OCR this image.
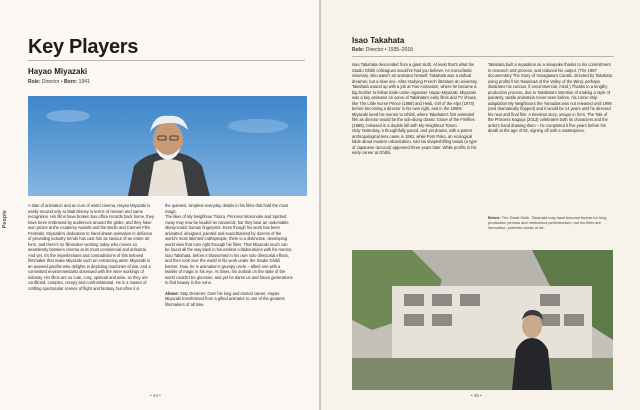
People
Key Players
Hayao Miyazaki
Role: Director • Born: 1941

A titan of animation and an icon of world cinema, Hayao Miyazaki is easily second only to Walt Disney in terms of renown and name recognition. His films have broken box office records back home, they have been embraced by audiences around the globe, and they have won prizes at the Academy Awards and the Berlin and Cannes Film Festivals. Miyazaki’s dedication to hand-drawn animation in defiance of prevailing industry trends has cast him as saviour of an entire art form, and there’s no filmmaker working today who moves so seamlessly between cinema at its most commercial and artisanal.

And yet, it’s the imperfections and contradictions of this beloved filmmaker that make Miyazaki such an entrancing artist. Miyazaki is an avowed pacifist who delights in depicting machines of war, and a committed environmentalist obsessed with the inner workings of industry. His films are so cute, cosy, spiritual and wise, so they are conflicted, complex, creepy and confrontational. He is a master of crafting spectacular scenes of flight and fantasy, but often it is

the quietest, simplest everyday details in his films that hold the most magic.

The likes of My Neighbour Totoro, Princess Mononoke and Spirited Away may now be lauded as canonical, but they bear an undeniable, idiosyncratic human fingerprint. Even though his work has been animated, designed, painted and soundtracked by dozens of the world’s most talented craftspeople, there is a distinctive, developing world view that runs right through his films. That Miyazaki touch can be found all the way back in his earliest collaborations with his mentor, Isao Takahata, before it blossomed in his own solo directorial efforts, and then took over the world in his work under the Studio Ghibli banner. Now, he is animation’s grumpy uncle – albeit one with a twinkle of magic in his eye. At times, his outlook on the state of the world couldn’t be gloomier, and yet he dares us and future generations to find beauty in the ruins.

Above: Stay Dreamer. Over his long and storied career, Hayao Miyazaki transformed from a gifted animator to one of the greatest filmmakers of all time.
• 44 •
Isao Takahata
Role: Director • 1935–2018

Isao Takahata descended from a giant sloth. At least that’s what his Studio Ghibli colleagues would’ve had you believe. An iconoclastic visionary, who wasn’t an animator himself, Takahata was a radical dreamer, but a slow one. After studying French literature at university, Takahata wound up with a job at Toei Animation, where he became a big brother to fellow trade union organiser Hayao Miyazaki. Miyazaki was a key animator on some of Takahata’s early films and TV shows, like The Little Norse Prince (1968) and Heidi, Girl of the Alps (1974) before becoming a director in his own right, and in the 1980s Miyazaki lured his mentor to Ghibli, where Takahata’s first animated film as director would be the sob-along classic Grave of the Fireflies (1988), released in a double bill with My Neighbour Totoro.

Only Yesterday, a thoughtfully paced, and yet drama, with a potent anthropological lens came in 1991, while Pom Poko, an ecological fable about modern urbanization, told via shapeshifting tanuki (a type of Japanese raccoon) appeared three years later. While prolific in his early career at Ghibli,

Takahata built a reputation as a slowpoke thanks to his commitment to research and process, and reduced his output. (The 1987 documentary The Story of Yanagawa’s Canals, directed by Takahata using profits from Nausicaä of the Valley of the Wind, perhaps illustrates his curious, if uncommercial, mind.) Thanks to a lengthy production process, due to Takahata’s intention of making a style of painterly, tactile animation never seen before, his comic strip adaptation My Neighbours the Yamadas was not released until 1999 (and dramatically flopped) and it would be 14 years until he directed his next and final film. A timeless story, unique in form, The Tale of the Princess Kaguya (2013) celebrates both its characters and the artist’s hand drawing them – he completed it five years before his death at the age of 82, signing off with a masterpiece.

Below: The Great Sloth. Takahata may have become known for long production periods and meticulous perfectionism, but his films are innovative, peerless works of art.
• 45 •
